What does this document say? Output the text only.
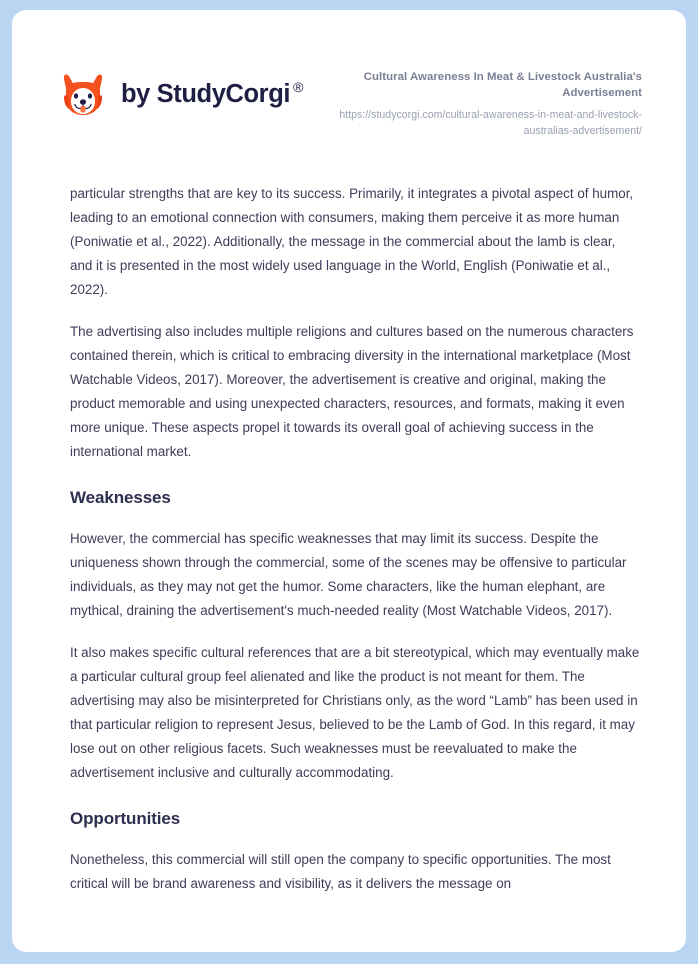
by StudyCorgi ®
Cultural Awareness In Meat & Livestock Australia's Advertisement
https://studycorgi.com/cultural-awareness-in-meat-and-livestock-australias-advertisement/

particular strengths that are key to its success. Primarily, it integrates a pivotal aspect of humor, leading to an emotional connection with consumers, making them perceive it as more human (Poniwatie et al., 2022). Additionally, the message in the commercial about the lamb is clear, and it is presented in the most widely used language in the World, English (Poniwatie et al., 2022).

The advertising also includes multiple religions and cultures based on the numerous characters contained therein, which is critical to embracing diversity in the international marketplace (Most Watchable Videos, 2017). Moreover, the advertisement is creative and original, making the product memorable and using unexpected characters, resources, and formats, making it even more unique. These aspects propel it towards its overall goal of achieving success in the international market.

Weaknesses

However, the commercial has specific weaknesses that may limit its success. Despite the uniqueness shown through the commercial, some of the scenes may be offensive to particular individuals, as they may not get the humor. Some characters, like the human elephant, are mythical, draining the advertisement's much-needed reality (Most Watchable Videos, 2017).

It also makes specific cultural references that are a bit stereotypical, which may eventually make a particular cultural group feel alienated and like the product is not meant for them. The advertising may also be misinterpreted for Christians only, as the word “Lamb” has been used in that particular religion to represent Jesus, believed to be the Lamb of God. In this regard, it may lose out on other religious facets. Such weaknesses must be reevaluated to make the advertisement inclusive and culturally accommodating.

Opportunities

Nonetheless, this commercial will still open the company to specific opportunities. The most critical will be brand awareness and visibility, as it delivers the message on
